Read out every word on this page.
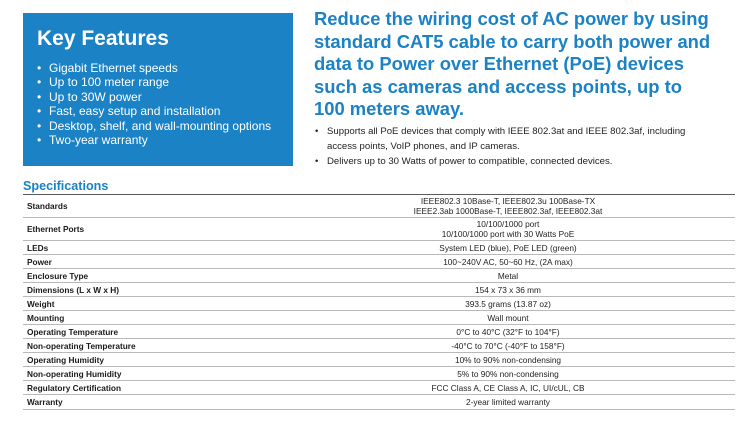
Key Features
• Gigabit Ethernet speeds
• Up to 100 meter range
• Up to 30W power
• Fast, easy setup and installation
• Desktop, shelf, and wall-mounting options
• Two-year warranty
Reduce the wiring cost of AC power by using
standard CAT5 cable to carry both power and
data to Power over Ethernet (PoE) devices
such as cameras and access points, up to
100 meters away.
• Supports all PoE devices that comply with IEEE 802.3at and IEEE 802.3af, including
access points, VoIP phones, and IP cameras.
• Delivers up to 30 Watts of power to compatible, connected devices.
Specifications
Standards	IEEE802.3 10Base-T, IEEE802.3u 100Base-TX
IEEE2.3ab 1000Base-T, IEEE802.3af, IEEE802.3at

Ethernet Ports	10/100/1000 port
10/100/1000 port with 30 Watts PoE

LEDs	System LED (blue), PoE LED (green)

Power	100~240V AC, 50~60 Hz, (2A max)

Enclosure Type	Metal

Dimensions (L x W x H)	154 x 73 x 36 mm

Weight	393.5 grams (13.87 oz)

Mounting	Wall mount

Operating Temperature	0°C to 40°C (32°F to 104°F)

Non-operating Temperature	-40°C to 70°C (-40°F to 158°F)

Operating Humidity	10% to 90% non-condensing

Non-operating Humidity	5% to 90% non-condensing

Regulatory Certification	FCC Class A, CE Class A, IC, UI/cUL, CB

Warranty	2-year limited warranty
